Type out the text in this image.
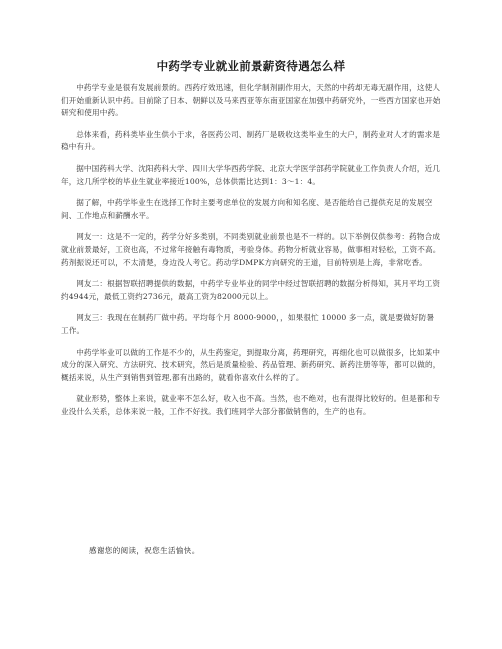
中药学专业就业前景薪资待遇怎么样

中药学专业是很有发展前景的。西药疗效迅速，但化学制剂副作用大，天然的中药却无毒无副作用，这使人们开始重新认识中药。目前除了日本、朝鲜以及马来西亚等东南亚国家在加强中药研究外，一些西方国家也开始研究和使用中药。

总体来看，药科类毕业生供小于求，各医药公司、制药厂是吸收这类毕业生的大户，制药业对人才的需求是稳中有升。

据中国药科大学、沈阳药科大学、四川大学华西药学院、北京大学医学部药学院就业工作负责人介绍，近几年，这几所学校的毕业生就业率接近100%，总体供需比达到1：3～1：4。

据了解，中药学毕业生在选择工作时主要考虑单位的发展方向和知名度、是否能给自己提供充足的发展空间、工作地点和薪酬水平。

网友一：这是不一定的，药学分好多类别，不同类别就业前景也是不一样的。以下举例仅供参考：药物合成就业前景最好，工资也高，不过常年接触有毒物质，考验身体。药物分析就业容易，做事相对轻松，工资不高。药剂振说还可以，不太清楚，身边没人考它。药动学DMPK方向研究的王道，目前特别是上海，非常吃香。

网友二：根据智联招聘提供的数据，中药学专业毕业的同学中经过智联招聘的数据分析得知，其月平均工资约4944元，最低工资约2736元，最高工资为82000元以上。

网友三：我现在在制药厂做中药。平均每个月 8000-9000，，如果很忙 10000 多一点，就是要做好防暑工作。

中药学毕业可以做的工作是不少的，从生药鉴定，到提取分离，药理研究，再细化也可以做很多，比如某中成分的深入研究、方法研究、技术研究，然后是质量检验、药品管理、新药研究、新药注册等等，都可以做的， 概括来说，从生产到销售到管理,都有出路的，就看你喜欢什么样的了。

就业形势，整体上来说，就业率不怎么好，收入也不高。当然，也不绝对，也有混得比较好的。但是都和专业没什么关系，总体来说一般，工作不好找。我们班同学大部分都做销售的，生产的也有。

感谢您的阅读，祝您生活愉快。
